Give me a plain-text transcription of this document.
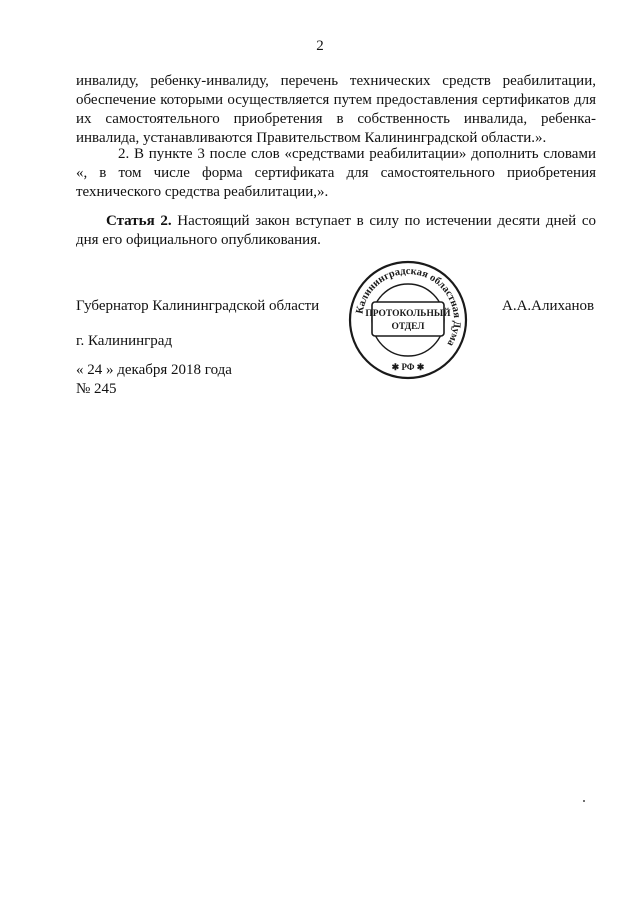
2
инвалиду, ребенку-инвалиду, перечень технических средств реабилитации, обеспечение которыми осуществляется путем предоставления сертификатов для их самостоятельного приобретения в собственность инвалида, ребенка-инвалида, устанавливаются Правительством Калининградской области.».
2. В пункте 3 после слов «средствами реабилитации» дополнить словами «, в том числе форма сертификата для самостоятельного приобретения технического средства реабилитации,».
Статья 2. Настоящий закон вступает в силу по истечении десяти дней со дня его официального опубликования.
Губернатор Калининградской области	Калининградская областная Дума
ПРОТОКОЛЬНЫЙ
ОТДЕЛ
✱ РФ ✱
А.А.Алиханов
г. Калининград
« 24 » декабря 2018 года
№ 245
